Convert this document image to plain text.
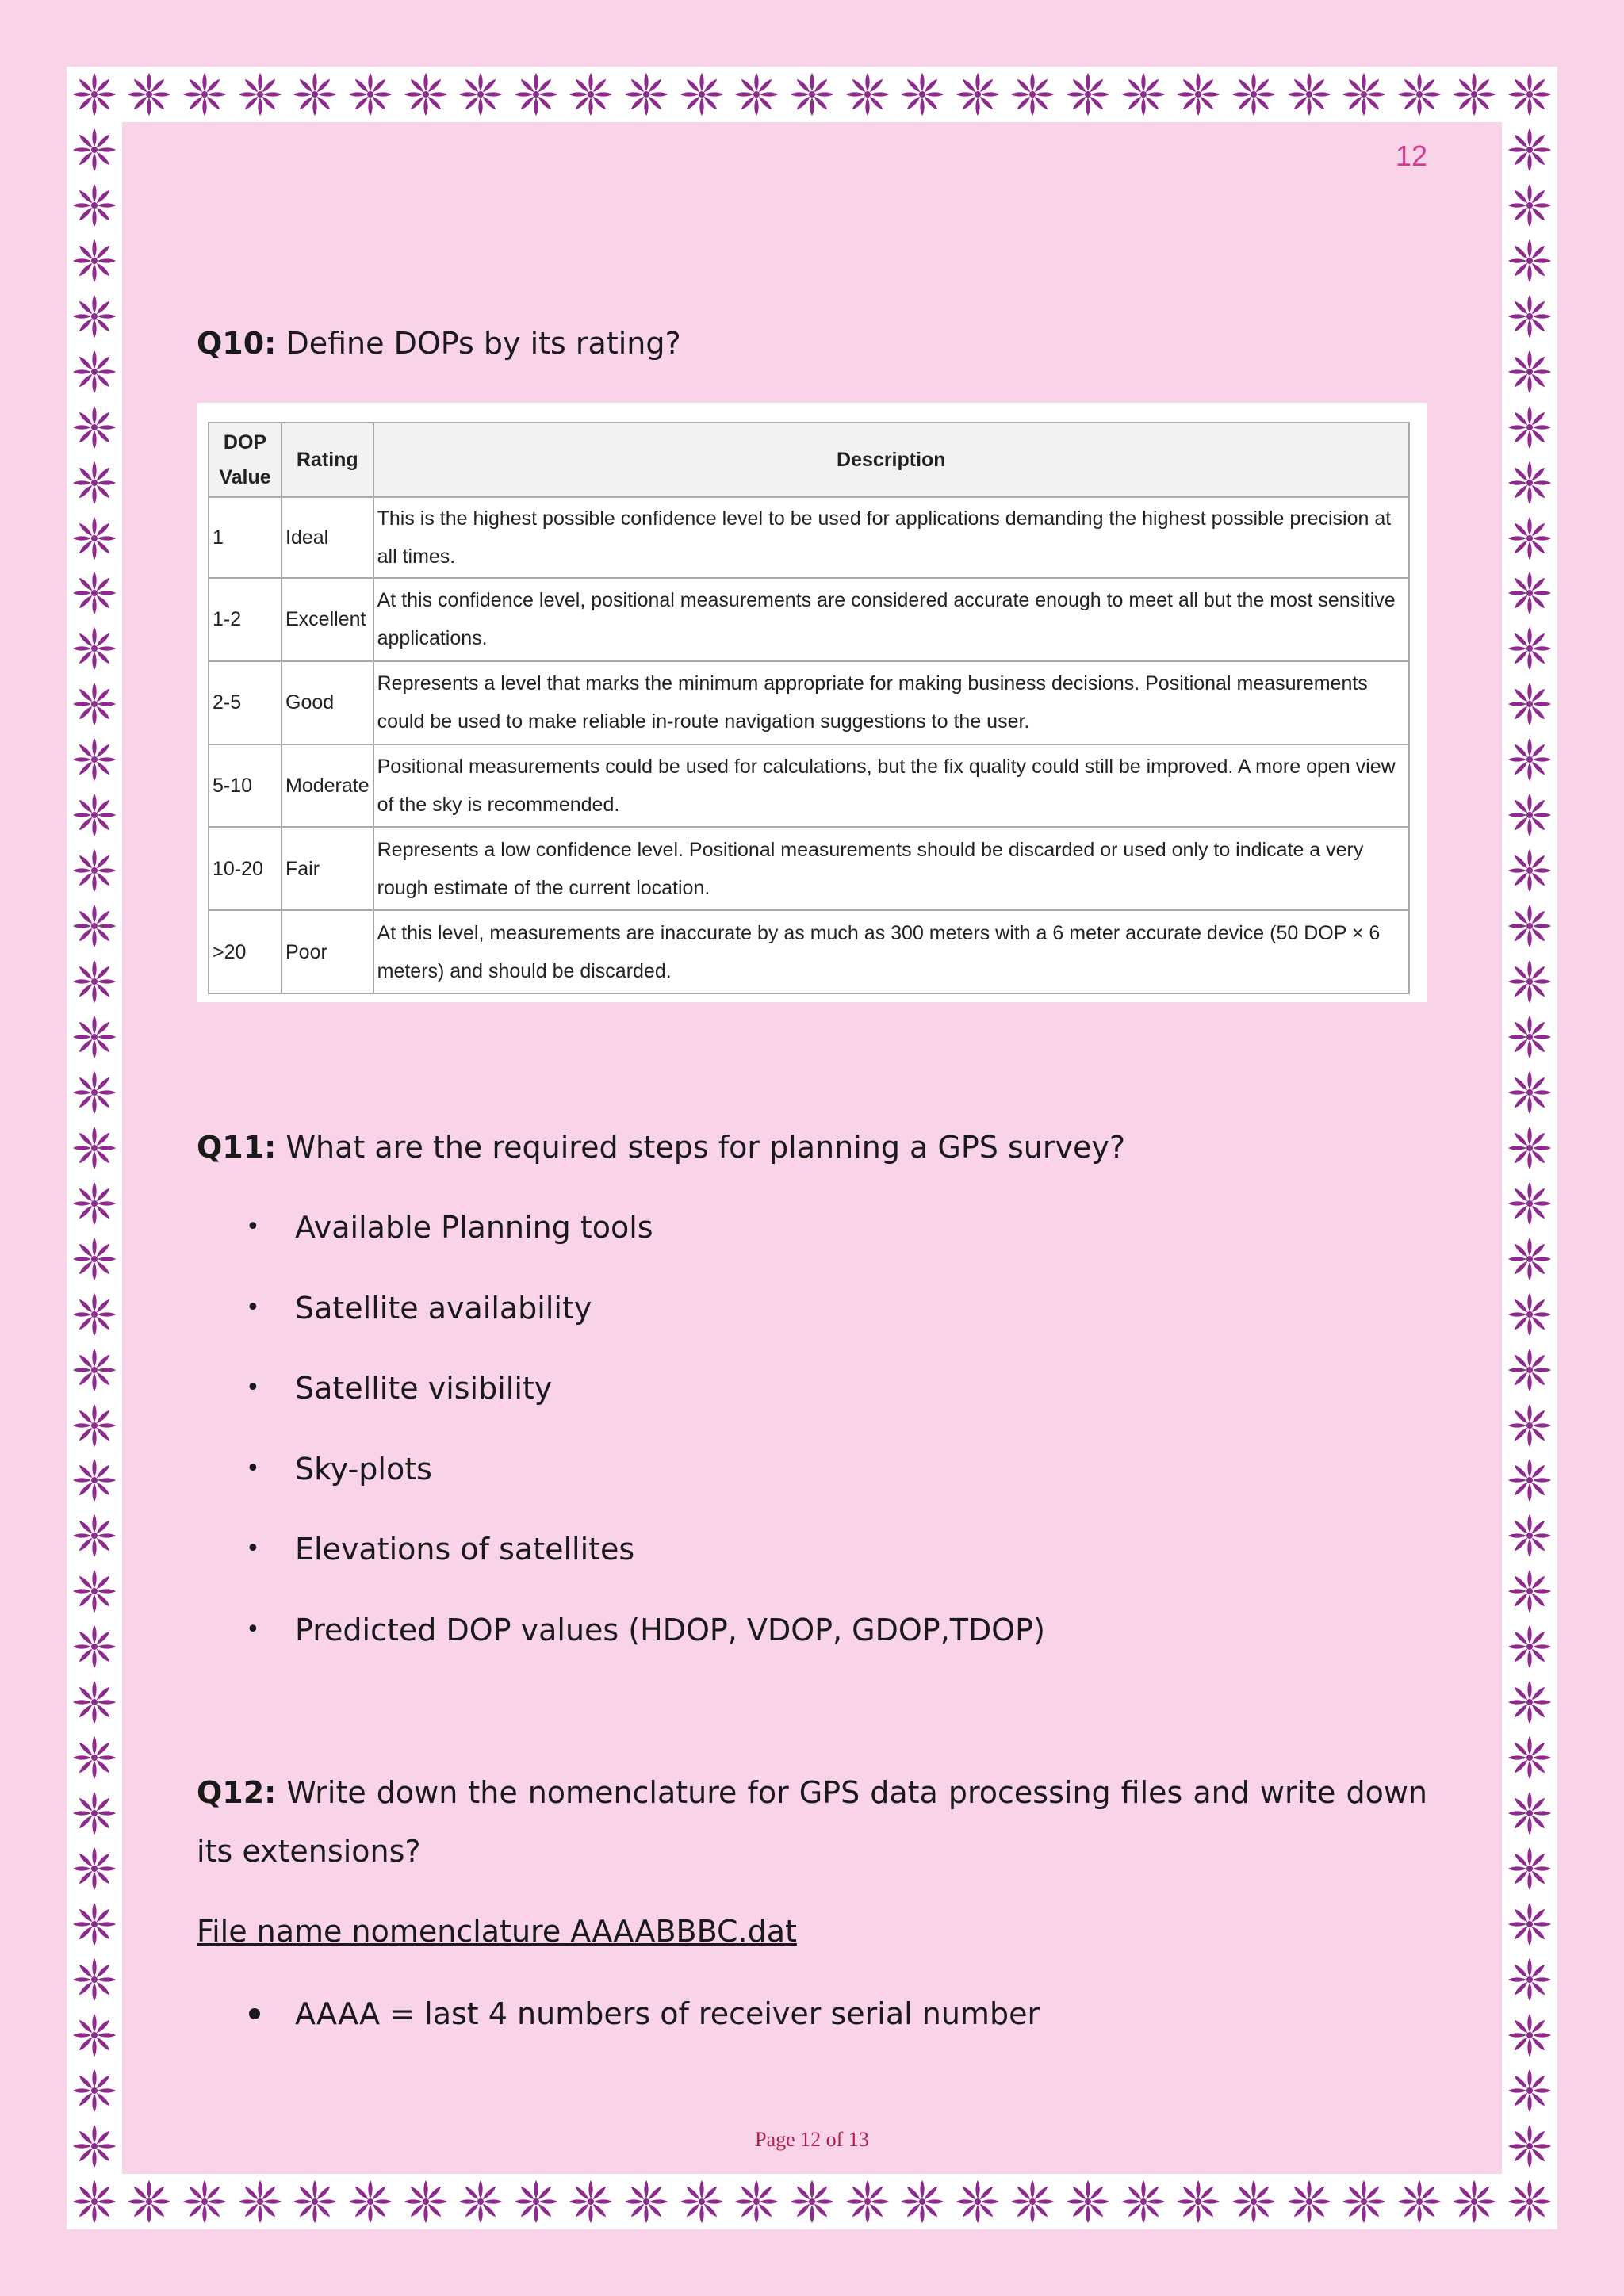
12
Q10: Define DOPs by its rating?
DOP Value	Rating	Description
1	Ideal	This is the highest possible confidence level to be used for applications demanding the highest possible precision at all times.
1-2	Excellent	At this confidence level, positional measurements are considered accurate enough to meet all but the most sensitive applications.
2-5	Good	Represents a level that marks the minimum appropriate for making business decisions. Positional measurements could be used to make reliable in-route navigation suggestions to the user.
5-10	Moderate	Positional measurements could be used for calculations, but the fix quality could still be improved. A more open view of the sky is recommended.
10-20	Fair	Represents a low confidence level. Positional measurements should be discarded or used only to indicate a very rough estimate of the current location.
>20	Poor	At this level, measurements are inaccurate by as much as 300 meters with a 6 meter accurate device (50 DOP × 6 meters) and should be discarded.
Q11: What are the required steps for planning a GPS survey?
• Available Planning tools
• Satellite availability
• Satellite visibility
• Sky-plots
• Elevations of satellites
• Predicted DOP values (HDOP, VDOP, GDOP,TDOP)
Q12: Write down the nomenclature for GPS data processing files and write down its extensions?
File name nomenclature AAAABBBC.dat
AAAA = last 4 numbers of receiver serial number
Page 12 of 13
